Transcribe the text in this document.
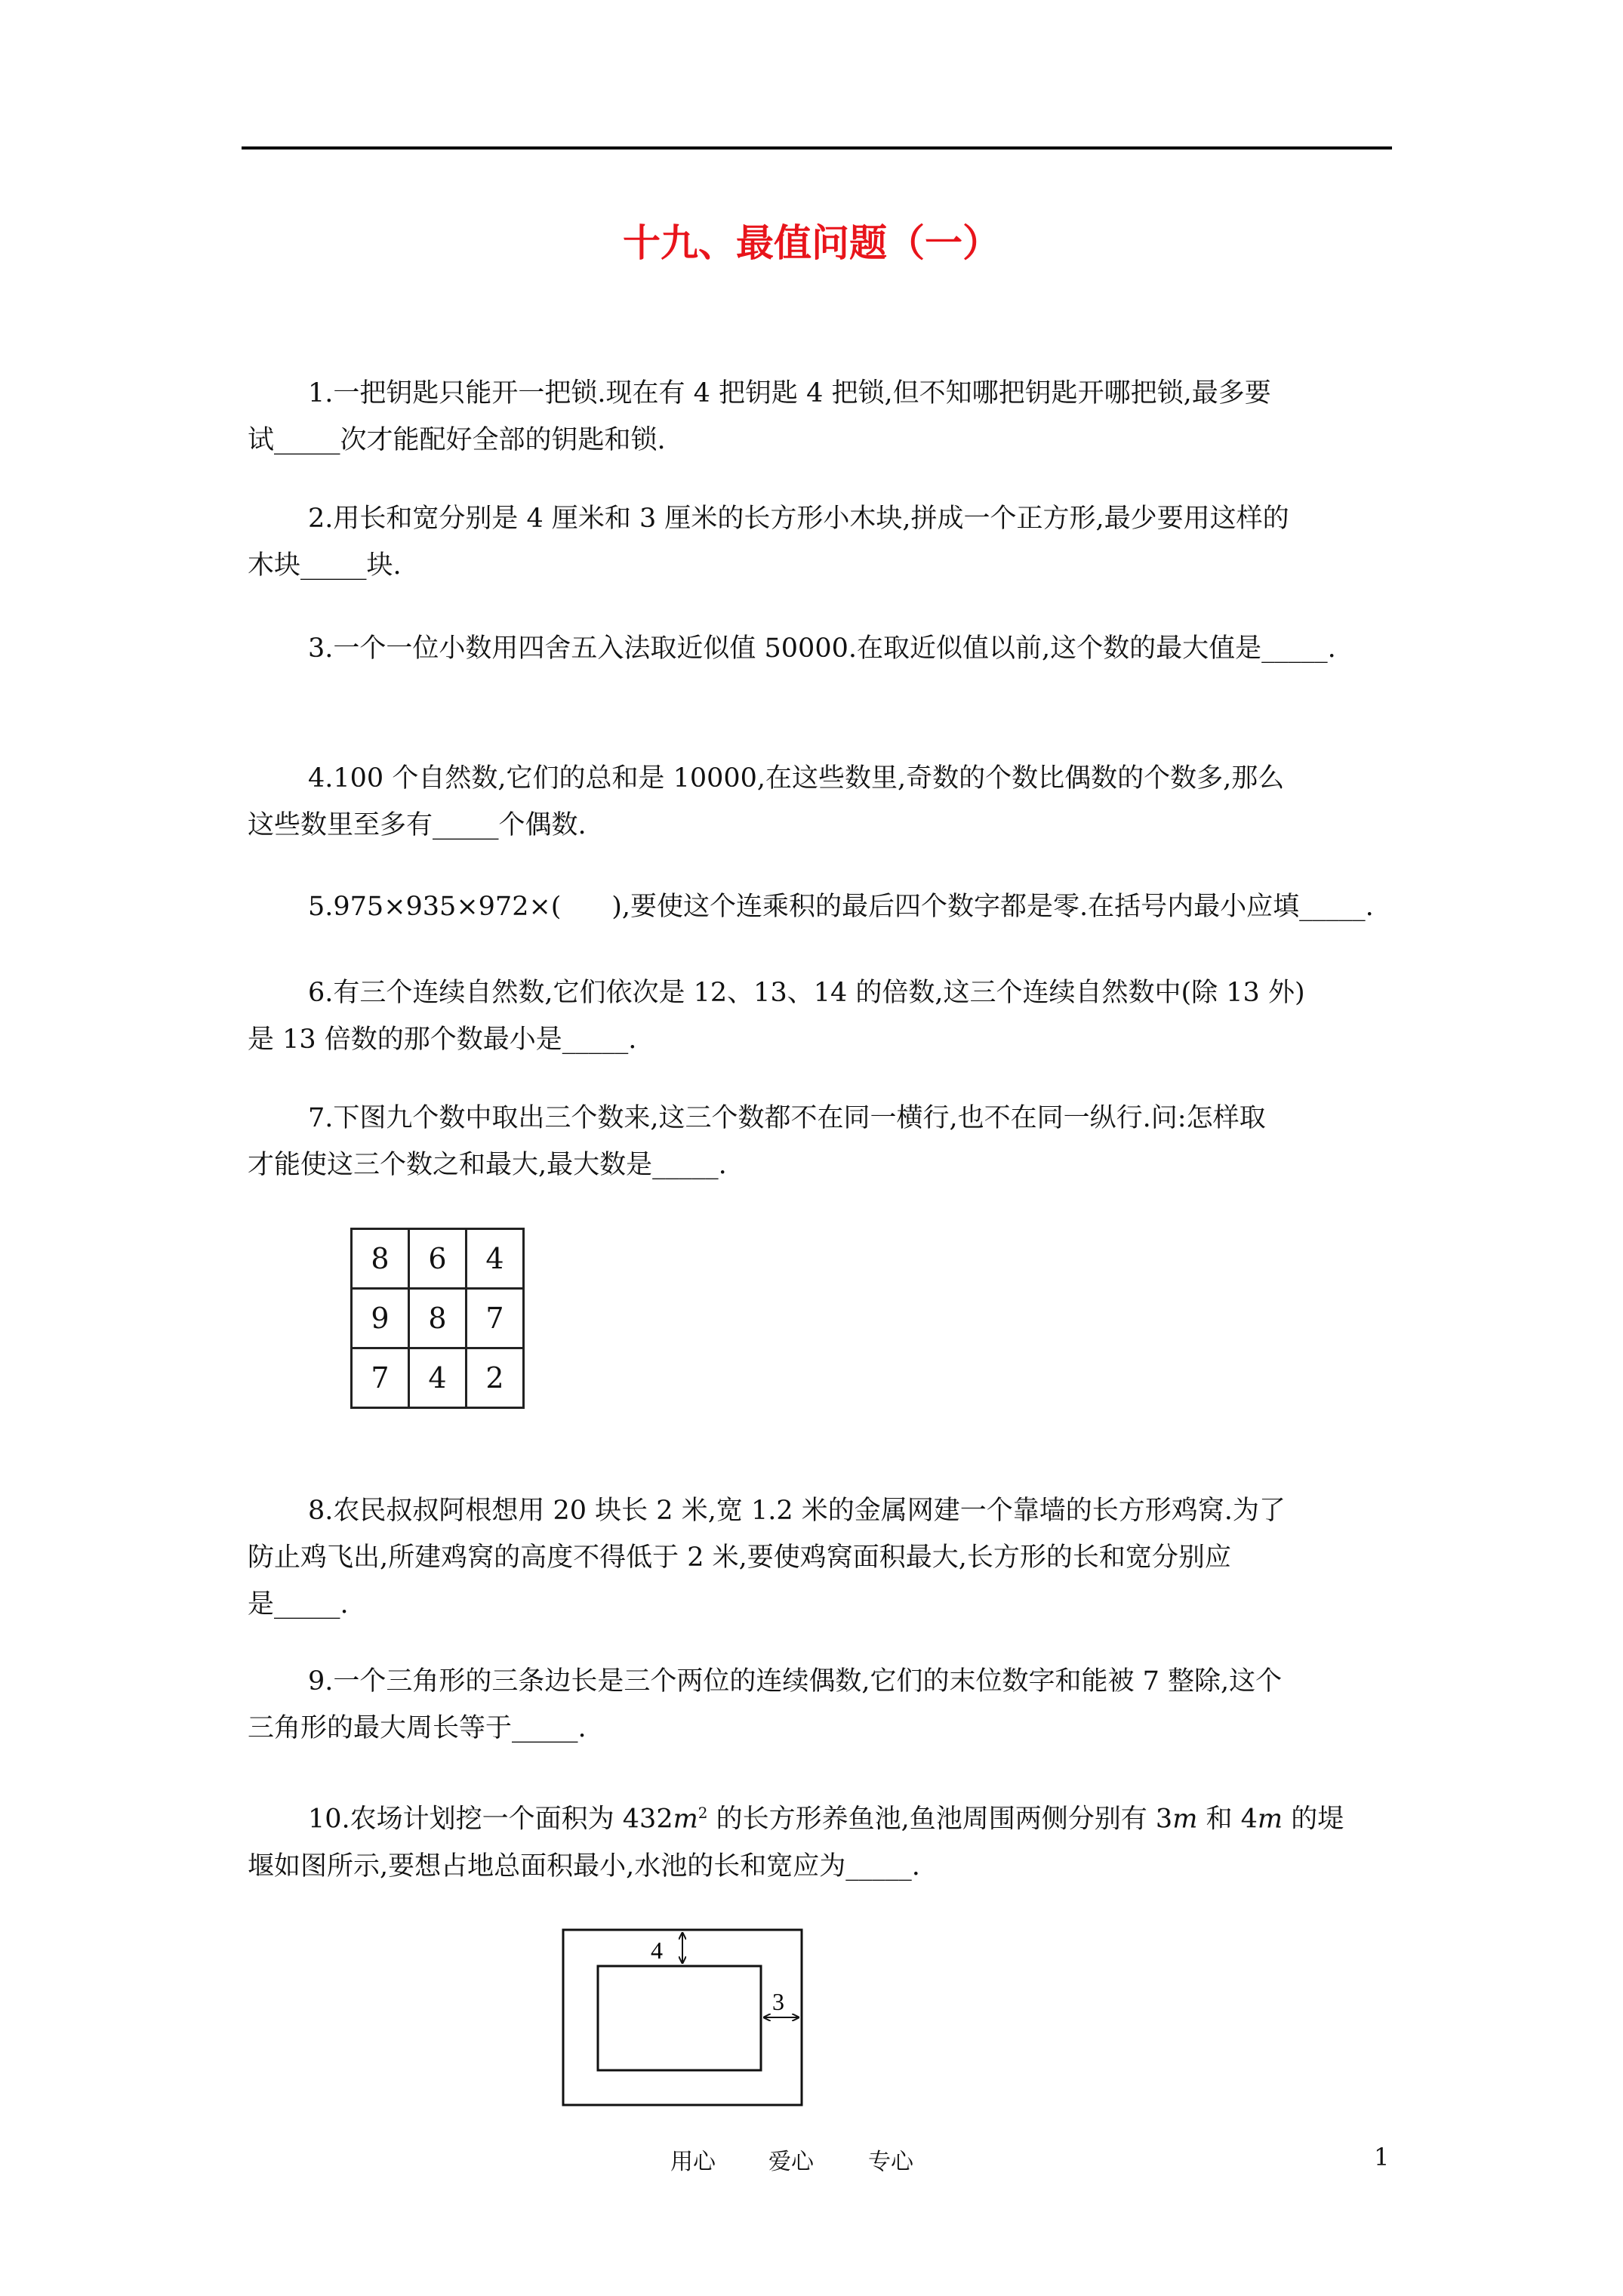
十九、最值问题（一）

1.一把钥匙只能开一把锁.现在有 4 把钥匙 4 把锁,但不知哪把钥匙开哪把锁,最多要

试_____次才能配好全部的钥匙和锁.

2.用长和宽分别是 4 厘米和 3 厘米的长方形小木块,拼成一个正方形,最少要用这样的

木块_____块.

3.一个一位小数用四舍五入法取近似值 50000.在取近似值以前,这个数的最大值是_____.

4.100 个自然数,它们的总和是 10000,在这些数里,奇数的个数比偶数的个数多,那么

这些数里至多有_____个偶数.

5.975×935×972×(      ),要使这个连乘积的最后四个数字都是零.在括号内最小应填_____.

6.有三个连续自然数,它们依次是 12、13、14 的倍数,这三个连续自然数中(除 13 外)

是 13 倍数的那个数最小是_____.

7.下图九个数中取出三个数来,这三个数都不在同一横行,也不在同一纵行.问:怎样取

才能使这三个数之和最大,最大数是_____.

8	6	4
9	8	7
7	4	2

8.农民叔叔阿根想用 20 块长 2 米,宽 1.2 米的金属网建一个靠墙的长方形鸡窝.为了

防止鸡飞出,所建鸡窝的高度不得低于 2 米,要使鸡窝面积最大,长方形的长和宽分别应

是_____.

9.一个三角形的三条边长是三个两位的连续偶数,它们的末位数字和能被 7 整除,这个

三角形的最大周长等于_____.

10.农场计划挖一个面积为 $432m^2$ 的长方形养鱼池,鱼池周围两侧分别有 3m 和 4m 的堤

堰如图所示,要想占地总面积最小,水池的长和宽应为_____.

4
3
用心 爱心 专心	1
